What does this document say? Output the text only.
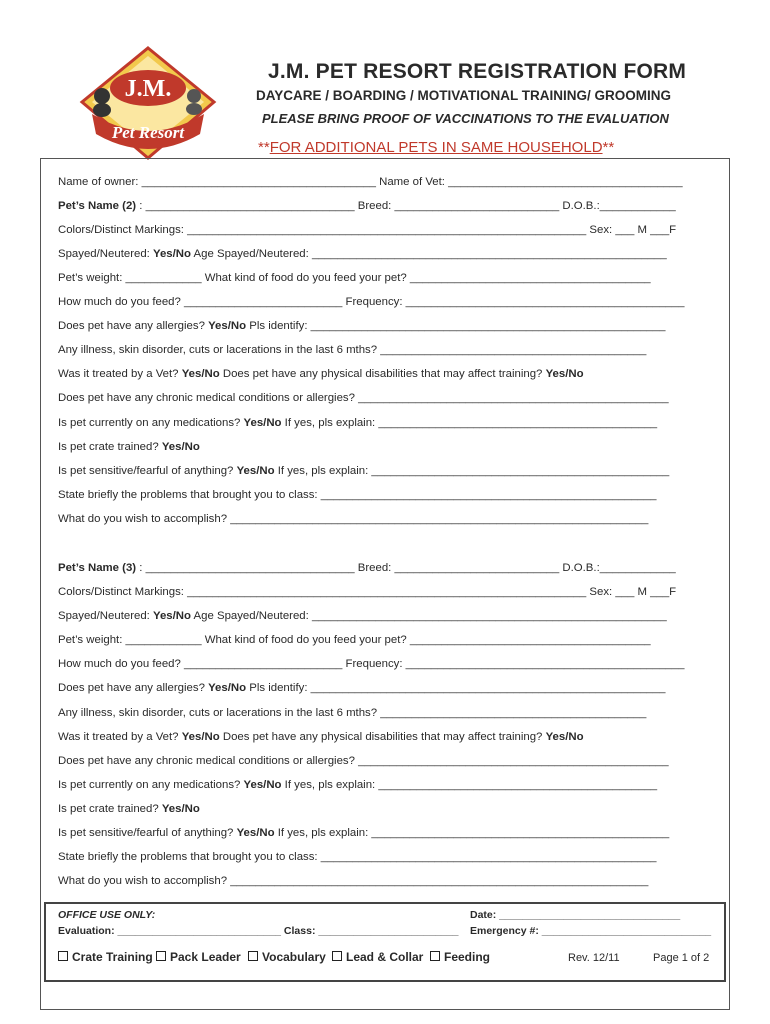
J.M.
Pet Resort
J.M. PET RESORT REGISTRATION FORM
DAYCARE / BOARDING / MOTIVATIONAL TRAINING/ GROOMING
PLEASE BRING PROOF OF VACCINATIONS TO THE EVALUATION
**FOR ADDITIONAL PETS IN SAME HOUSEHOLD**
Name of owner: _____________________________________ Name of Vet: _____________________________________
Pet’s Name (2) : _________________________________ Breed: __________________________ D.O.B.:____________
Colors/Distinct Markings: _______________________________________________________________ Sex: ___ M ___F
Spayed/Neutered: Yes/No Age Spayed/Neutered: ________________________________________________________
Pet’s weight: ____________ What kind of food do you feed your pet? ______________________________________
How much do you feed? _________________________ Frequency: ____________________________________________
Does pet have any allergies? Yes/No Pls identify: ________________________________________________________
Any illness, skin disorder, cuts or lacerations in the last 6 mths? __________________________________________
Was it treated by a Vet? Yes/No Does pet have any physical disabilities that may affect training? Yes/No
Does pet have any chronic medical conditions or allergies? _________________________________________________
Is pet currently on any medications? Yes/No If yes, pls explain: ____________________________________________
Is pet crate trained? Yes/No
Is pet sensitive/fearful of anything? Yes/No If yes, pls explain: _______________________________________________
State briefly the problems that brought you to class: _____________________________________________________
What do you wish to accomplish? __________________________________________________________________
Pet’s Name (3) : _________________________________ Breed: __________________________ D.O.B.:____________
Colors/Distinct Markings: _______________________________________________________________ Sex: ___ M ___F
Spayed/Neutered: Yes/No Age Spayed/Neutered: ________________________________________________________
Pet’s weight: ____________ What kind of food do you feed your pet? ______________________________________
How much do you feed? _________________________ Frequency: ____________________________________________
Does pet have any allergies? Yes/No Pls identify: ________________________________________________________
Any illness, skin disorder, cuts or lacerations in the last 6 mths? __________________________________________
Was it treated by a Vet? Yes/No Does pet have any physical disabilities that may affect training? Yes/No
Does pet have any chronic medical conditions or allergies? _________________________________________________
Is pet currently on any medications? Yes/No If yes, pls explain: ____________________________________________
Is pet crate trained? Yes/No
Is pet sensitive/fearful of anything? Yes/No If yes, pls explain: _______________________________________________
State briefly the problems that brought you to class: _____________________________________________________
What do you wish to accomplish? __________________________________________________________________
OFFICE USE ONLY:	Date: _______________________________
Evaluation: ____________________________ Class: ________________________ Emergency #: _____________________________
Crate Training	Pack Leader	Vocabulary	Lead & Collar	Feeding	Rev. 12/11	Page 1 of 2
